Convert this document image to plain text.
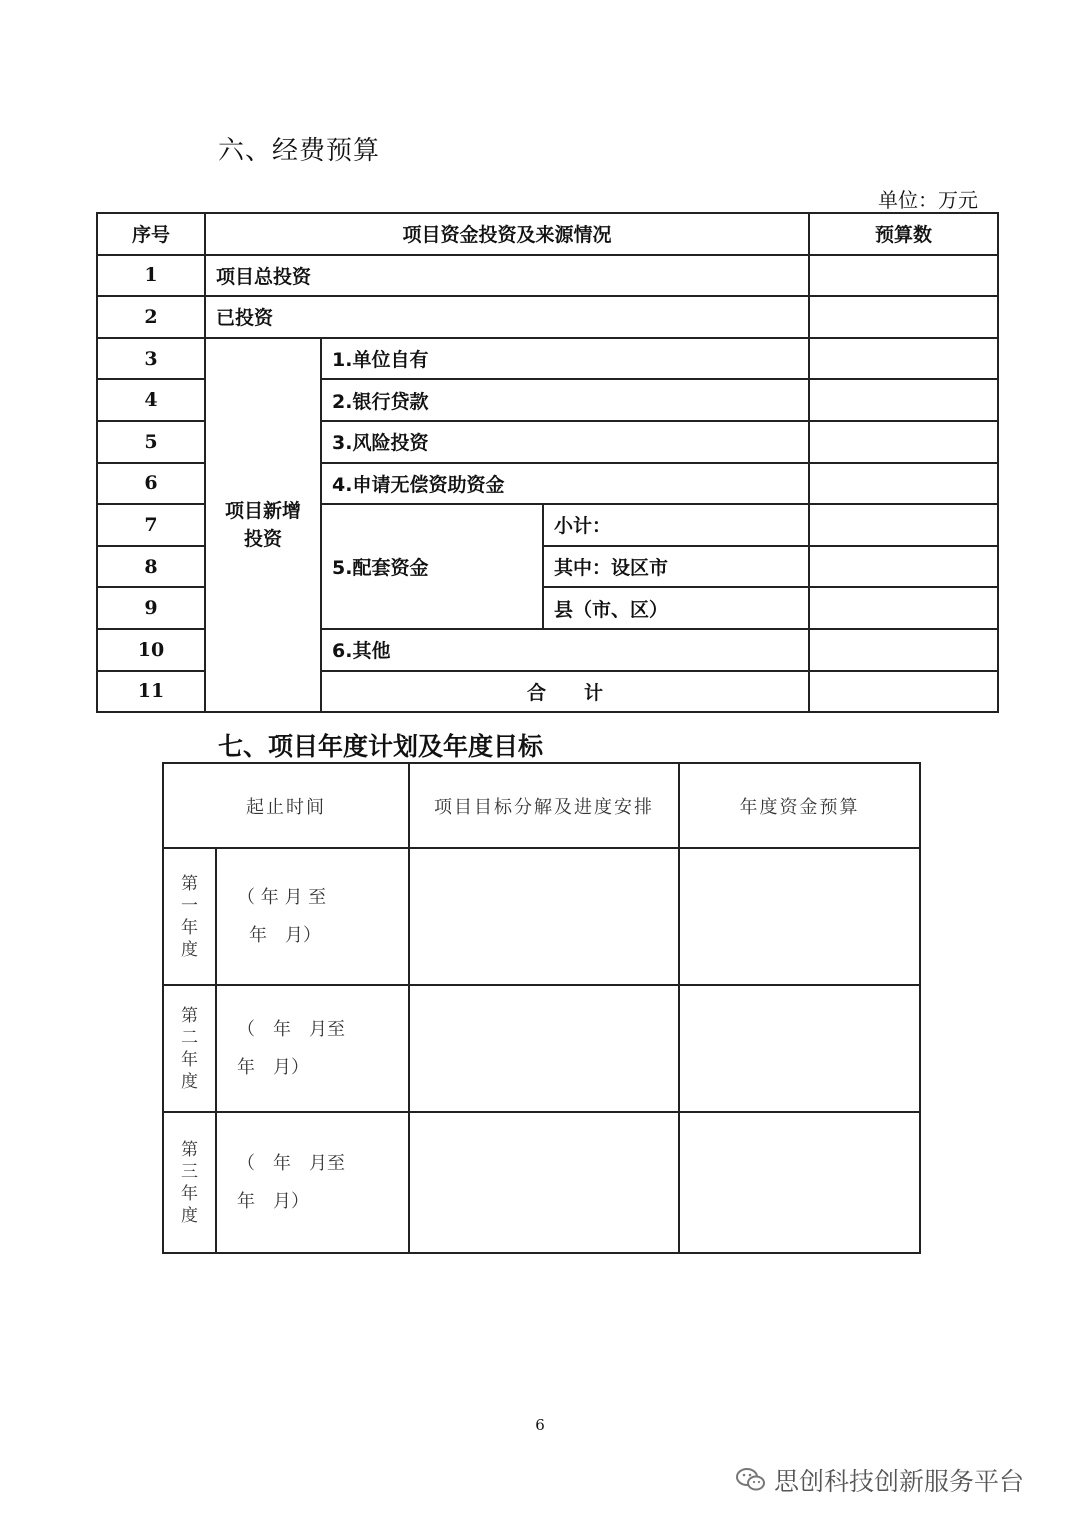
六、经费预算
单位：万元
序号	项目资金投资及来源情况			预算数
1	项目总投资			
2	已投资			
3	项目新增投资	1.单位自有		
4		2.银行贷款		
5		3.风险投资		
6		4.申请无偿资助资金		
7		5.配套资金	小计：	
8			其中：设区市	
9			县（市、区）	
10		6.其他		
11		合　　计		
七、项目年度计划及年度目标
起止时间		项目目标分解及进度安排	年度资金预算

第一年度	（ 年 月 至
年　月）		

第二年度	（　年　月至
年　月）		

第三年度	（　年　月至
年　月）		

6
思创科技创新服务平台
